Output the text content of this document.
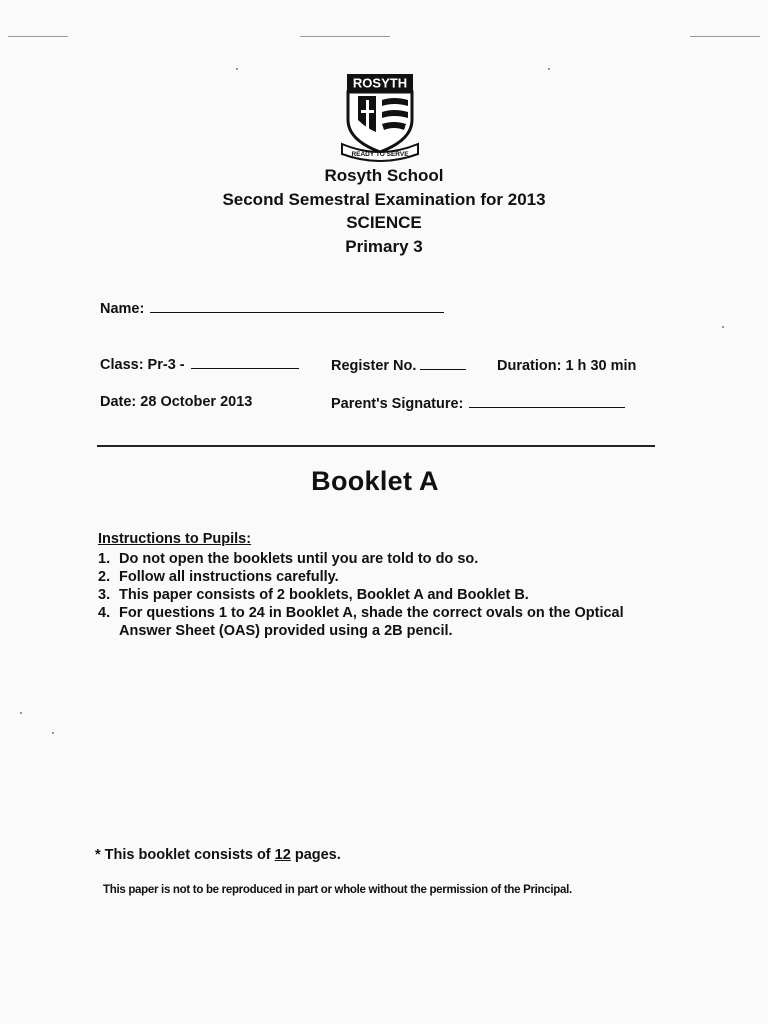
ROSYTH
READY TO SERVE
Rosyth School
Second Semestral Examination for 2013
SCIENCE
Primary 3
Name:
Class: Pr-3 -	Register No.	Duration: 1 h 30 min
Date: 28 October 2013	Parent's Signature:
Booklet A
Instructions to Pupils:
1. Do not open the booklets until you are told to do so.
2. Follow all instructions carefully.
3. This paper consists of 2 booklets, Booklet A and Booklet B.
4. For questions 1 to 24 in Booklet A, shade the correct ovals on the Optical Answer Sheet (OAS) provided using a 2B pencil.
* This booklet consists of 12 pages.
This paper is not to be reproduced in part or whole without the permission of the Principal.
